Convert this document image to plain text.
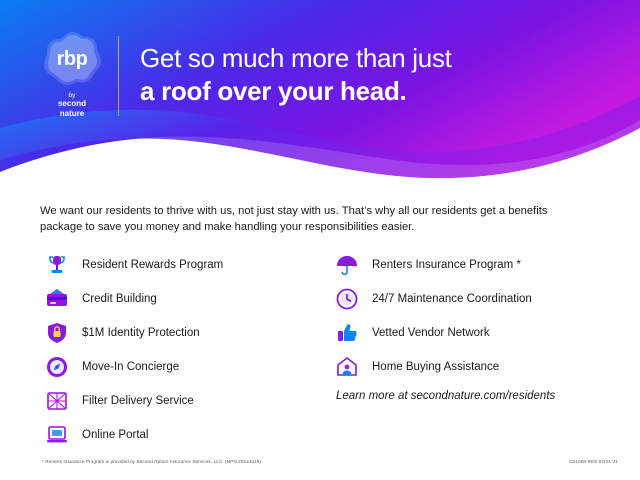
rbp
by
second
nature
Get so much more than just
a roof over your head.
We want our residents to thrive with us, not just stay with us. That’s why all our residents get a benefits package to save you money and make handling your responsibilities easier.
Resident Rewards Program
Credit Building
$1M Identity Protection
Move-In Concierge
Filter Delivery Service
Online Portal
Renters Insurance Program *
24/7 Maintenance Coordination
Vetted Vendor Network
Home Buying Assistance
Learn more at secondnature.com/residents
* Renters Insurance Program is provided by Second Nature Insurance Services, LLC. (NPN 20224425)	CS1008-RES 02/24 V1
